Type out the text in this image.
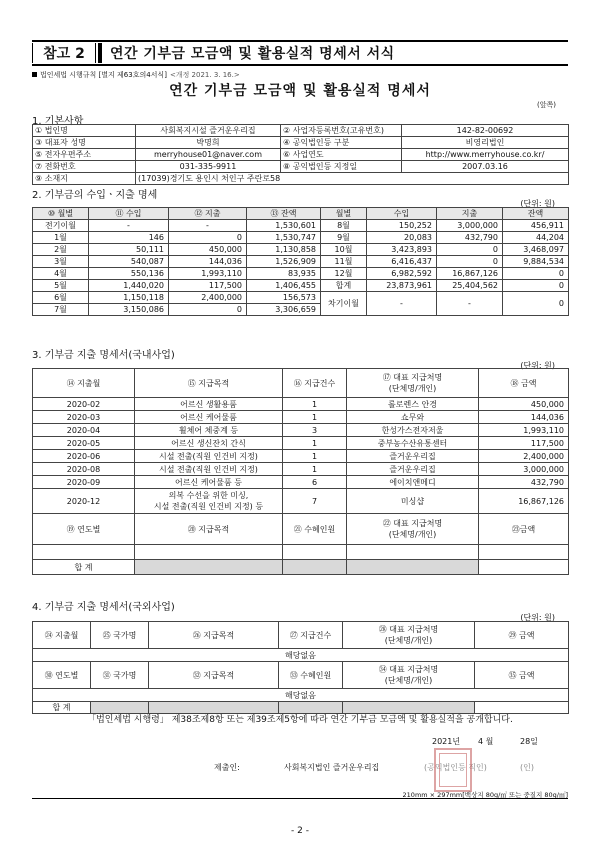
참고 2	연간 기부금 모금액 및 활용실적 명세서 서식
법인세법 시행규칙 [별지 제63호의4서식] <개정 2021. 3. 16.>
연간 기부금 모금액 및 활용실적 명세서
(앞쪽)
1. 기본사항
① 법인명	사회복지시설 즐거운우리집	② 사업자등록번호(고유번호)	142-82-00692
③ 대표자 성명	박명희	④ 공익법인등 구분	비영리법인
⑤ 전자우편주소	merryhouse01@naver.com	⑥ 사업연도	http://www.merryhouse.co.kr/
⑦ 전화번호	031-335-9911	⑧ 공익법인등 지정일	2007.03.16
⑨ 소재지	(17039)경기도 용인시 처인구 주란로58		
2. 기부금의 수입ㆍ지출 명세
(단위: 원)
⑩ 월별	⑪ 수입	⑫ 지출	⑬ 잔액	월별	수입	지출	잔액
전기이월	-	-	1,530,601	8월	150,252	3,000,000	456,911
1월	146	0	1,530,747	9월	20,083	432,790	44,204
2월	50,111	450,000	1,130,858	10월	3,423,893	0	3,468,097
3월	540,087	144,036	1,526,909	11월	6,416,437	0	9,884,534
4월	550,136	1,993,110	83,935	12월	6,982,592	16,867,126	0
5월	1,440,020	117,500	1,406,455	합계	23,873,961	25,404,562	0
6월	1,150,118	2,400,000	156,573	차기이월	-	-	0
7월	3,150,086	0	3,306,659				
3. 기부금 지출 명세서(국내사업)
(단위: 원)
⑭ 지출월	⑮ 지급목적	⑯ 지급건수	⑰ 대표 지급처명
(단체명/개인)	⑱ 금액
2020-02	어르신 생활용품	1	롤로렌스 안경	450,000
2020-03	어르신 케어물품	1	쇼무와	144,036
2020-04	휠체어 체중계 등	3	한성가스전자저울	1,993,110
2020-05	어르신 생신잔치 간식	1	중부농수산유통센터	117,500
2020-06	시설 전출(직원 인건비 지정)	1	즐거운우리집	2,400,000
2020-08	시설 전출(직원 인건비 지정)	1	즐거운우리집	3,000,000
2020-09	어르신 케어물품 등	6	에이치앤메디	432,790
2020-12	의복 수선을 위한 미싱,
시설 전출(직원 인건비 지정) 등	7	미싱샵	16,867,126
⑲ 연도별	⑳ 지급목적	㉑ 수혜인원	㉒ 대표 지급처명
(단체명/개인)	㉓금액

합 계				
4. 기부금 지출 명세서(국외사업)
(단위: 원)
㉔ 지출월	㉕ 국가명	㉖ 지급목적	㉗ 지급건수	㉘ 대표 지급처명
(단체명/개인)	㉙ 금액
해당없음					
㉚ 연도별	㉛ 국가명	㉜ 지급목적	㉝ 수혜인원	㉞ 대표 지급처명
(단체명/개인)	㉟ 금액
해당없음					
합 계					
「법인세법 시행령」 제38조제8항 또는 제39조제5항에 따라 연간 기부금 모금액 및 활용실적을 공개합니다.
2021년 4 월	28일
제출인:	사회복지법인 즐거운우리집	(공익법인등 직인)	(인)
210mm × 297mm[백상지 80g/㎡ 또는 중질지 80g/㎡]
- 2 -
